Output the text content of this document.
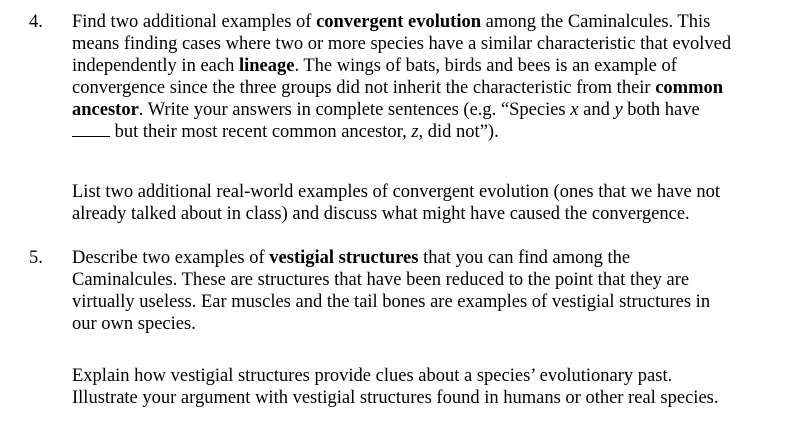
4. Find two additional examples of convergent evolution among the Caminalcules. This
means finding cases where two or more species have a similar characteristic that evolved
independently in each lineage. The wings of bats, birds and bees is an example of
convergence since the three groups did not inherit the characteristic from their common
ancestor. Write your answers in complete sentences (e.g. “Species x and y both have
but their most recent common ancestor, z, did not”).
List two additional real-world examples of convergent evolution (ones that we have not
already talked about in class) and discuss what might have caused the convergence.
5. Describe two examples of vestigial structures that you can find among the
Caminalcules. These are structures that have been reduced to the point that they are
virtually useless. Ear muscles and the tail bones are examples of vestigial structures in
our own species.
Explain how vestigial structures provide clues about a species’ evolutionary past.
Illustrate your argument with vestigial structures found in humans or other real species.
